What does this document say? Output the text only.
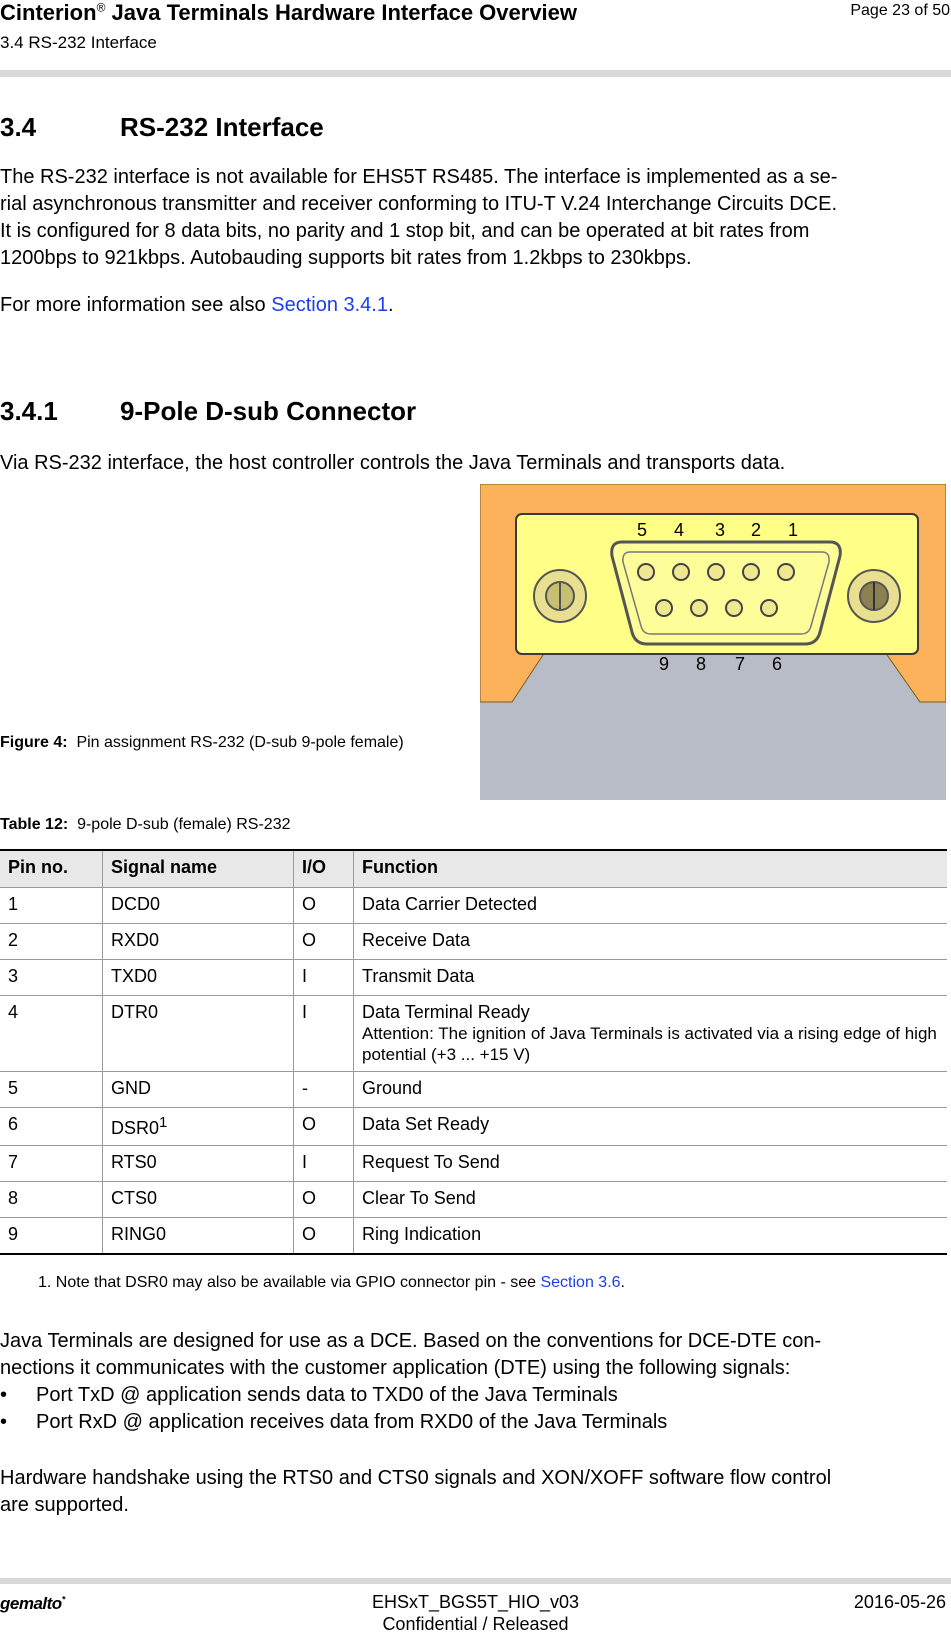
Cinterion® Java Terminals Hardware Interface Overview
3.4 RS-232 Interface
Page 23 of 50
3.4	RS-232 Interface
The RS-232 interface is not available for EHS5T RS485. The interface is implemented as a se-
rial asynchronous transmitter and receiver conforming to ITU-T V.24 Interchange Circuits DCE.
It is configured for 8 data bits, no parity and 1 stop bit, and can be operated at bit rates from
1200bps to 921kbps. Autobauding supports bit rates from 1.2kbps to 230kbps.
For more information see also Section 3.4.1.
3.4.1 9-Pole D-sub Connector
Via RS-232 interface, the host controller controls the Java Terminals and transports data.
5 4 3 2 1
9 8 7 6
Figure 4: Pin assignment RS-232 (D-sub 9-pole female)
Table 12: 9-pole D-sub (female) RS-232
Pin no.	Signal name	I/O	Function
1	DCD0	O	Data Carrier Detected
2	RXD0	O	Receive Data
3	TXD0	I	Transmit Data
4	DTR0	I	Data Terminal Ready
Attention: The ignition of Java Terminals is activated via a rising edge of high potential (+3 ... +15 V)

5	GND	-	Ground
6	$DSR0^1$	O	Data Set Ready
7	RTS0	I	Request To Send
8	CTS0	O	Clear To Send
9	RING0	O	Ring Indication
1. Note that DSR0 may also be available via GPIO connector pin - see Section 3.6.
Java Terminals are designed for use as a DCE. Based on the conventions for DCE-DTE con-
nections it communicates with the customer application (DTE) using the following signals:
• Port TxD @ application sends data to TXD0 of the Java Terminals
• Port RxD @ application receives data from RXD0 of the Java Terminals
Hardware handshake using the RTS0 and CTS0 signals and XON/XOFF software flow control
are supported.
gemalto*	EHSxT_BGS5T_HIO_v03
Confidential / Released
2016-05-26
